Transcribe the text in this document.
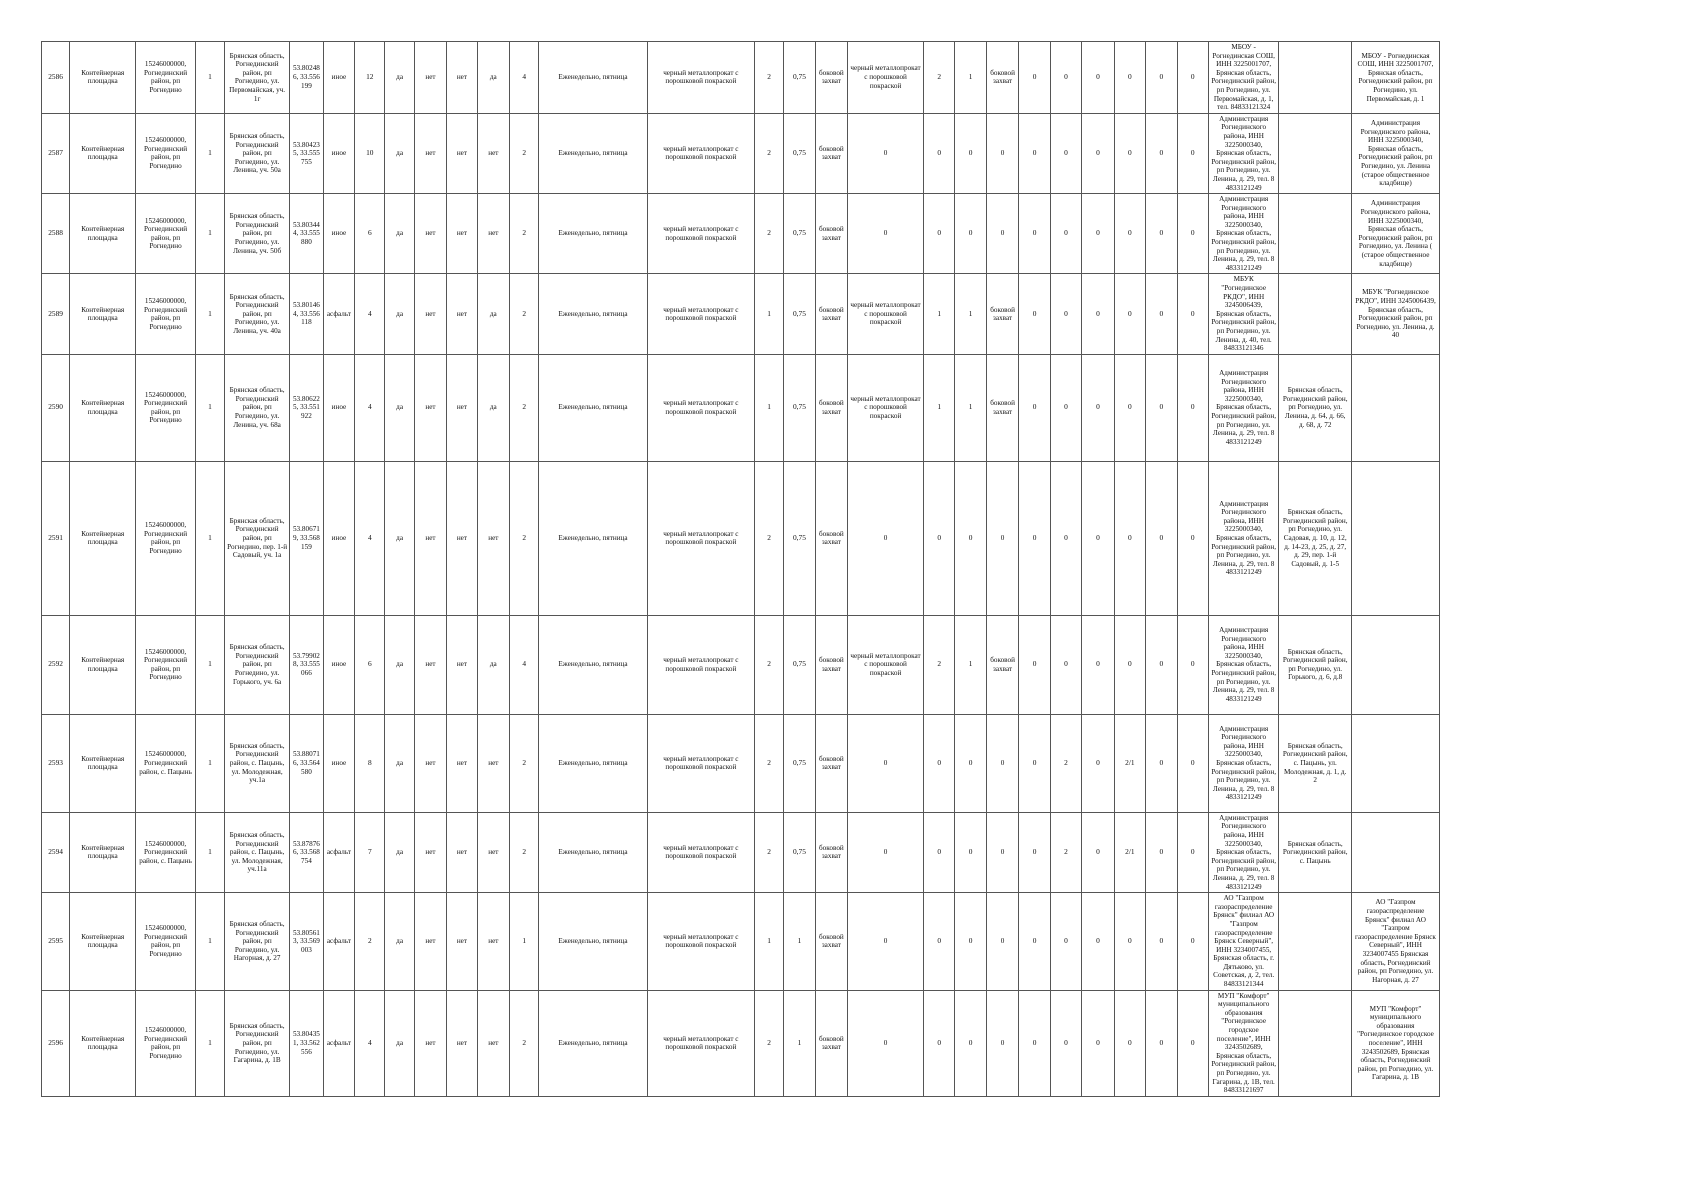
2586	Контейнерная площадка	15246000000, Рогнединский район, рп Рогнедино	1	Брянская область, Рогнединский район, рп Рогнедино, ул. Первомайская, уч. 1г	53.802486, 33.556199	иное	12	да	нет	нет	да	4	Еженедельно, пятница	черный металлопрокат с порошковой покраской	2	0,75	боковой захват	черный металлопрокат с порошковой покраской	2	1	боковой захват	0	0	0	0	0	0	МБОУ - Рогнединская СОШ, ИНН 3225001707, Брянская область, Рогнединский район, рп Рогнедино, ул. Первомайская, д. 1, тел. 84833121324		МБОУ - Рогнединская СОШ, ИНН 3225001707, Брянская область, Рогнединский район, рп Рогнедино, ул. Первомайская, д. 1
2587	Контейнерная площадка	15246000000, Рогнединский район, рп Рогнедино	1	Брянская область, Рогнединский район, рп Рогнедино, ул. Ленина, уч. 50а	53.804235, 33.555755	иное	10	да	нет	нет	нет	2	Еженедельно, пятница	черный металлопрокат с порошковой покраской	2	0,75	боковой захват	0	0	0	0	0	0	0	0	0	0	Администрация Рогнединского района, ИНН 3225000340, Брянская область, Рогнединский район, рп Рогнедино, ул. Ленина, д. 29, тел. 8 4833121249		Администрация Рогнединского района, ИНН 3225000340, Брянская область, Рогнединский район, рп Рогнедино, ул. Ленина (старое общественное кладбище)
2588	Контейнерная площадка	15246000000, Рогнединский район, рп Рогнедино	1	Брянская область, Рогнединский район, рп Рогнедино, ул. Ленина, уч. 50б	53.803444, 33.555880	иное	6	да	нет	нет	нет	2	Еженедельно, пятница	черный металлопрокат с порошковой покраской	2	0,75	боковой захват	0	0	0	0	0	0	0	0	0	0	Администрация Рогнединского района, ИНН 3225000340, Брянская область, Рогнединский район, рп Рогнедино, ул. Ленина, д. 29, тел. 8 4833121249		Администрация Рогнединского района, ИНН 3225000340, Брянская область, Рогнединский район, рп Рогнедино, ул. Ленина ( (старое общественное кладбище)
2589	Контейнерная площадка	15246000000, Рогнединский район, рп Рогнедино	1	Брянская область, Рогнединский район, рп Рогнедино, ул. Ленина, уч. 40а	53.801464, 33.556118	асфальт	4	да	нет	нет	да	2	Еженедельно, пятница	черный металлопрокат с порошковой покраской	1	0,75	боковой захват	черный металлопрокат с порошковой покраской	1	1	боковой захват	0	0	0	0	0	0	МБУК "Рогнединское РКДО", ИНН 3245006439, Брянская область, Рогнединский район, рп Рогнедино, ул. Ленина, д. 40, тел. 84833121346		МБУК "Рогнединское РКДО", ИНН 3245006439, Брянская область, Рогнединский район, рп Рогнедино, ул. Ленина, д. 40
2590	Контейнерная площадка	15246000000, Рогнединский район, рп Рогнедино	1	Брянская область, Рогнединский район, рп Рогнедино, ул. Ленина, уч. 68а	53.806225, 33.551922	иное	4	да	нет	нет	да	2	Еженедельно, пятница	черный металлопрокат с порошковой покраской	1	0,75	боковой захват	черный металлопрокат с порошковой покраской	1	1	боковой захват	0	0	0	0	0	0	Администрация Рогнединского района, ИНН 3225000340, Брянская область, Рогнединский район, рп Рогнедино, ул. Ленина, д. 29, тел. 8 4833121249	Брянская область, Рогнединский район, рп Рогнедино, ул. Ленина, д. 64, д. 66, д. 68, д. 72	
2591	Контейнерная площадка	15246000000, Рогнединский район, рп Рогнедино	1	Брянская область, Рогнединский район, рп Рогнедино, пер. 1-й Садовый, уч. 1а	53.806719, 33.568159	иное	4	да	нет	нет	нет	2	Еженедельно, пятница	черный металлопрокат с порошковой покраской	2	0,75	боковой захват	0	0	0	0	0	0	0	0	0	0	Администрация Рогнединского района, ИНН 3225000340, Брянская область, Рогнединский район, рп Рогнедино, ул. Ленина, д. 29, тел. 8 4833121249	Брянская область, Рогнединский район, рп Рогнедино, ул. Садовая, д. 10, д. 12, д. 14-23, д. 25, д. 27, д. 29, пер. 1-й Садовый, д. 1-5	
2592	Контейнерная площадка	15246000000, Рогнединский район, рп Рогнедино	1	Брянская область, Рогнединский район, рп Рогнедино, ул. Горького, уч. 6а	53.799028, 33.555066	иное	6	да	нет	нет	да	4	Еженедельно, пятница	черный металлопрокат с порошковой покраской	2	0,75	боковой захват	черный металлопрокат с порошковой покраской	2	1	боковой захват	0	0	0	0	0	0	Администрация Рогнединского района, ИНН 3225000340, Брянская область, Рогнединский район, рп Рогнедино, ул. Ленина, д. 29, тел. 8 4833121249	Брянская область, Рогнединский район, рп Рогнедино, ул. Горького, д. 6, д.8	
2593	Контейнерная площадка	15246000000, Рогнединский район, с. Пацынь	1	Брянская область, Рогнединский район, с. Пацынь, ул. Молодежная, уч.1а	53.880716, 33.564580	иное	8	да	нет	нет	нет	2	Еженедельно, пятница	черный металлопрокат с порошковой покраской	2	0,75	боковой захват	0	0	0	0	0	2	0	2/1	0	0	Администрация Рогнединского района, ИНН 3225000340, Брянская область, Рогнединский район, рп Рогнедино, ул. Ленина, д. 29, тел. 8 4833121249	Брянская область, Рогнединский район, с. Пацынь, ул. Молодежная, д. 1, д. 2	
2594	Контейнерная площадка	15246000000, Рогнединский район, с. Пацынь	1	Брянская область, Рогнединский район, с. Пацынь, ул. Молодежная, уч.11а	53.878766, 33.568754	асфальт	7	да	нет	нет	нет	2	Еженедельно, пятница	черный металлопрокат с порошковой покраской	2	0,75	боковой захват	0	0	0	0	0	2	0	2/1	0	0	Администрация Рогнединского района, ИНН 3225000340, Брянская область, Рогнединский район, рп Рогнедино, ул. Ленина, д. 29, тел. 8 4833121249	Брянская область, Рогнединский район, с. Пацынь	
2595	Контейнерная площадка	15246000000, Рогнединский район, рп Рогнедино	1	Брянская область, Рогнединский район, рп Рогнедино, ул. Нагорная, д. 27	53.805613, 33.569003	асфальт	2	да	нет	нет	нет	1	Еженедельно, пятница	черный металлопрокат с порошковой покраской	1	1	боковой захват	0	0	0	0	0	0	0	0	0	0	АО "Газпром газораспределение Брянск" филиал АО "Газпром газораспределение Брянск Северный", ИНН 3234007455, Брянская область, г. Дятьково, ул. Советская, д. 2, тел. 84833121344		АО "Газпром газораспределение Брянск" филиал АО "Газпром газораспределение Брянск Северный", ИНН 3234007455 Брянская область, Рогнединский район, рп Рогнедино, ул. Нагорная, д. 27
2596	Контейнерная площадка	15246000000, Рогнединский район, рп Рогнедино	1	Брянская область, Рогнединский район, рп Рогнедино, ул. Гагарина, д. 1В	53.804351, 33.562556	асфальт	4	да	нет	нет	нет	2	Еженедельно, пятница	черный металлопрокат с порошковой покраской	2	1	боковой захват	0	0	0	0	0	0	0	0	0	0	МУП "Комфорт" муниципального образования "Рогнединское городское поселение", ИНН 3243502689, Брянская область, Рогнединский район, рп Рогнедино, ул. Гагарина, д. 1В, тел. 84833121697		МУП "Комфорт" муниципального образования "Рогнединское городское поселение", ИНН 3243502689, Брянская область, Рогнединский район, рп Рогнедино, ул. Гагарина, д. 1В
